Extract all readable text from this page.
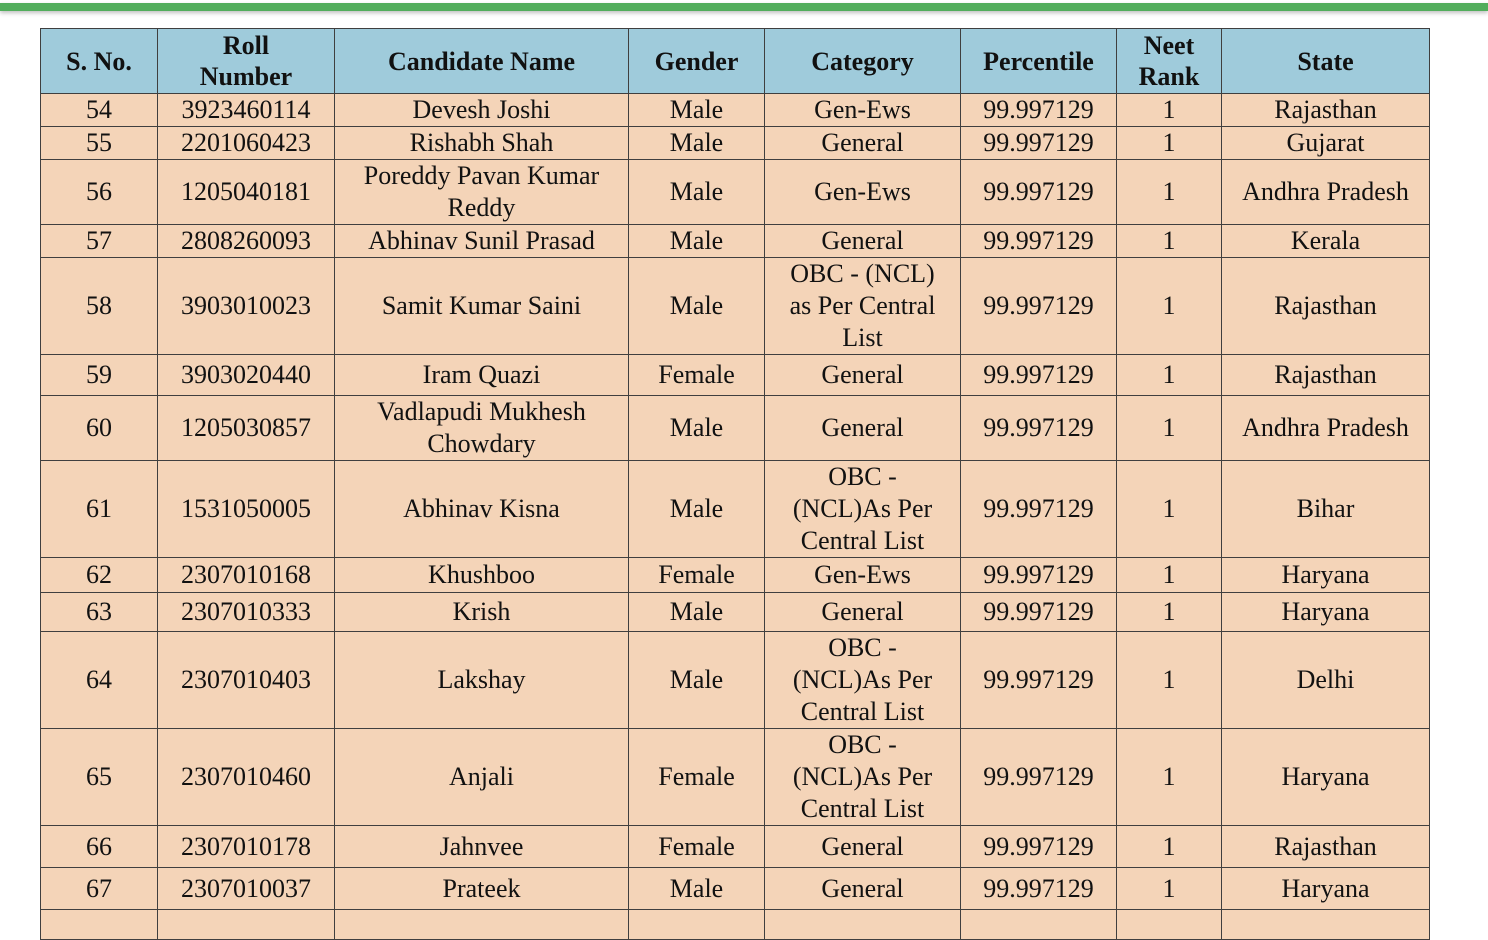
S. No.	Roll Number	Candidate Name	Gender	Category	Percentile	Neet Rank	State
54	3923460114	Devesh Joshi	Male	Gen-Ews	99.997129	1	Rajasthan
55	2201060423	Rishabh Shah	Male	General	99.997129	1	Gujarat
56	1205040181	Poreddy Pavan Kumar Reddy	Male	Gen-Ews	99.997129	1	Andhra Pradesh
57	2808260093	Abhinav Sunil Prasad	Male	General	99.997129	1	Kerala
58	3903010023	Samit Kumar Saini	Male	OBC - (NCL) as Per Central List	99.997129	1	Rajasthan
59	3903020440	Iram Quazi	Female	General	99.997129	1	Rajasthan
60	1205030857	Vadlapudi Mukhesh Chowdary	Male	General	99.997129	1	Andhra Pradesh
61	1531050005	Abhinav Kisna	Male	OBC - (NCL)As Per Central List	99.997129	1	Bihar
62	2307010168	Khushboo	Female	Gen-Ews	99.997129	1	Haryana
63	2307010333	Krish	Male	General	99.997129	1	Haryana
64	2307010403	Lakshay	Male	OBC - (NCL)As Per Central List	99.997129	1	Delhi
65	2307010460	Anjali	Female	OBC - (NCL)As Per Central List	99.997129	1	Haryana
66	2307010178	Jahnvee	Female	General	99.997129	1	Rajasthan
67	2307010037	Prateek	Male	General	99.997129	1	Haryana
